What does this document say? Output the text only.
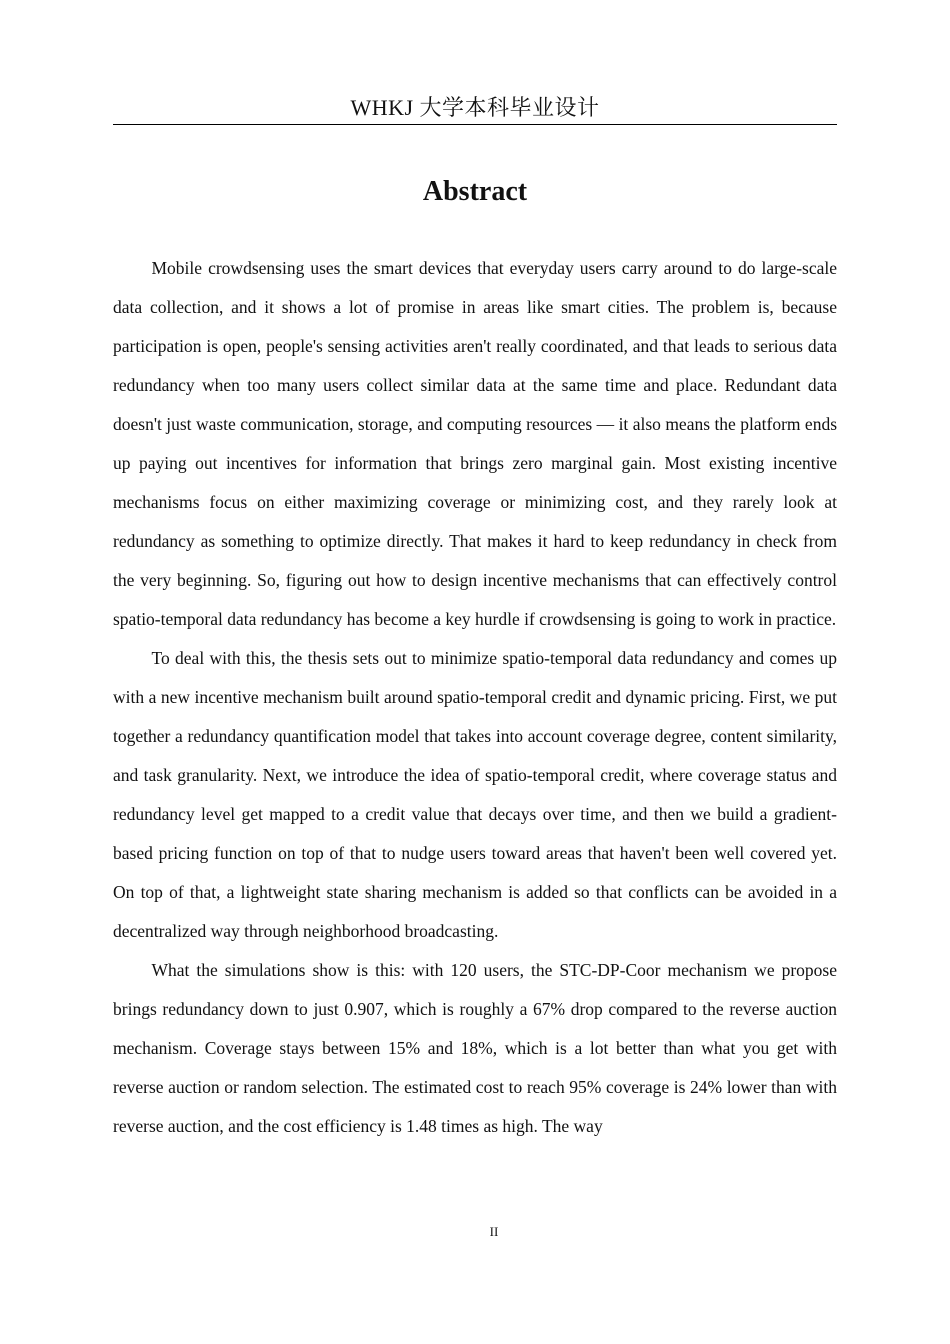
WHKJ 大学本科毕业设计
Abstract

Mobile crowdsensing uses the smart devices that everyday users carry around to do large-scale data collection, and it shows a lot of promise in areas like smart cities. The problem is, because participation is open, people's sensing activities aren't really coordinated, and that leads to serious data redundancy when too many users collect similar data at the same time and place. Redundant data doesn't just waste communication, storage, and computing resources — it also means the platform ends up paying out incentives for information that brings zero marginal gain. Most existing incentive mechanisms focus on either maximizing coverage or minimizing cost, and they rarely look at redundancy as something to optimize directly. That makes it hard to keep redundancy in check from the very beginning. So, figuring out how to design incentive mechanisms that can effectively control spatio-temporal data redundancy has become a key hurdle if crowdsensing is going to work in practice.

To deal with this, the thesis sets out to minimize spatio-temporal data redundancy and comes up with a new incentive mechanism built around spatio-temporal credit and dynamic pricing. First, we put together a redundancy quantification model that takes into account coverage degree, content similarity, and task granularity. Next, we introduce the idea of spatio-temporal credit, where coverage status and redundancy level get mapped to a credit value that decays over time, and then we build a gradient-based pricing function on top of that to nudge users toward areas that haven't been well covered yet. On top of that, a lightweight state sharing mechanism is added so that conflicts can be avoided in a decentralized way through neighborhood broadcasting.

What the simulations show is this: with 120 users, the STC-DP-Coor mechanism we propose brings redundancy down to just 0.907, which is roughly a 67% drop compared to the reverse auction mechanism. Coverage stays between 15% and 18%, which is a lot better than what you get with reverse auction or random selection. The estimated cost to reach 95% coverage is 24% lower than with reverse auction, and the cost efficiency is 1.48 times as high. The way

II
